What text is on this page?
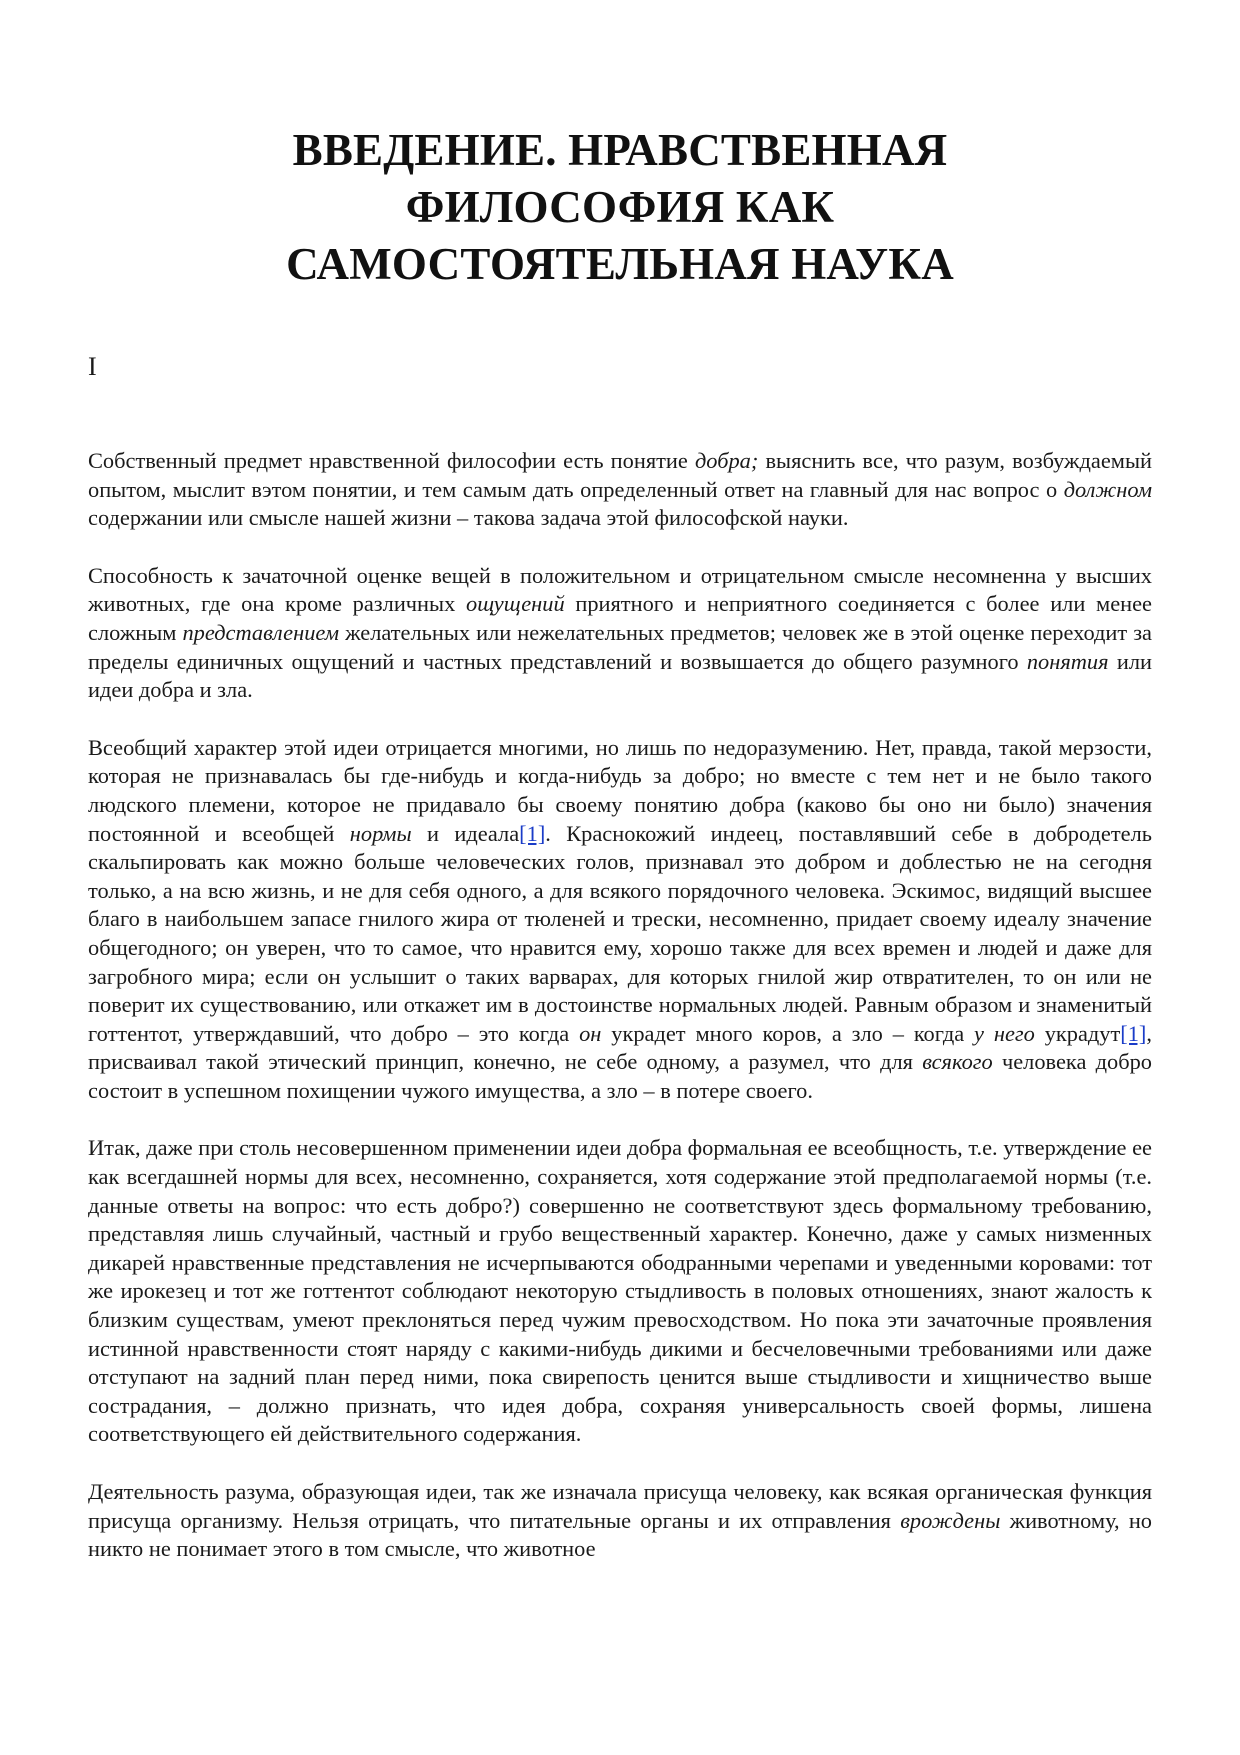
ВВЕДЕНИЕ. НРАВСТВЕННАЯ
ФИЛОСОФИЯ КАК
САМОСТОЯТЕЛЬНАЯ НАУКА
I

Собственный предмет нравственной философии есть понятие добра; выяснить все, что разум, возбуждаемый опытом, мыслит вэтом понятии, и тем самым дать определенный ответ на главный для нас вопрос о должном содержании или смысле нашей жизни – такова задача этой философской науки.

Способность к зачаточной оценке вещей в положительном и отрицательном смысле несомненна у высших животных, где она кроме различных ощущений приятного и неприятного соединяется с более или менее сложным представлением желательных или нежелательных предметов; человек же в этой оценке переходит за пределы единичных ощущений и частных представлений и возвышается до общего разумного понятия или идеи добра и зла.

Всеобщий характер этой идеи отрицается многими, но лишь по недоразумению. Нет, правда, такой мерзости, которая не признавалась бы где-нибудь и когда-нибудь за добро; но вместе с тем нет и не было такого людского племени, которое не придавало бы своему понятию добра (каково бы оно ни было) значения постоянной и всеобщей нормы и идеала[1]. Краснокожий индеец, поставлявший себе в добродетель скальпировать как можно больше человеческих голов, признавал это добром и доблестью не на сегодня только, а на всю жизнь, и не для себя одного, а для всякого порядочного человека. Эскимос, видящий высшее благо в наибольшем запасе гнилого жира от тюленей и трески, несомненно, придает своему идеалу значение общегодного; он уверен, что то самое, что нравится ему, хорошо также для всех времен и людей и даже для загробного мира; если он услышит о таких варварах, для которых гнилой жир отвратителен, то он или не поверит их существованию, или откажет им в достоинстве нормальных людей. Равным образом и знаменитый готтентот, утверждавший, что добро – это когда он украдет много коров, а зло – когда у него украдут[1], присваивал такой этический принцип, конечно, не себе одному, а разумел, что для всякого человека добро состоит в успешном похищении чужого имущества, а зло – в потере своего.

Итак, даже при столь несовершенном применении идеи добра формальная ее всеобщность, т.е. утверждение ее как всегдашней нормы для всех, несомненно, сохраняется, хотя содержание этой предполагаемой нормы (т.е. данные ответы на вопрос: что есть добро?) совершенно не соответствуют здесь формальному требованию, представляя лишь случайный, частный и грубо вещественный характер. Конечно, даже у самых низменных дикарей нравственные представления не исчерпываются ободранными черепами и уведенными коровами: тот же ирокезец и тот же готтентот соблюдают некоторую стыдливость в половых отношениях, знают жалость к близким существам, умеют преклоняться перед чужим превосходством. Но пока эти зачаточные проявления истинной нравственности стоят наряду с какими-нибудь дикими и бесчеловечными требованиями или даже отступают на задний план перед ними, пока свирепость ценится выше стыдливости и хищничество выше сострадания, – должно признать, что идея добра, сохраняя универсальность своей формы, лишена соответствующего ей действительного содержания.

Деятельность разума, образующая идеи, так же изначала присуща человеку, как всякая органическая функция присуща организму. Нельзя отрицать, что питательные органы и их отправления врождены животному, но никто не понимает этого в том смысле, что животное
